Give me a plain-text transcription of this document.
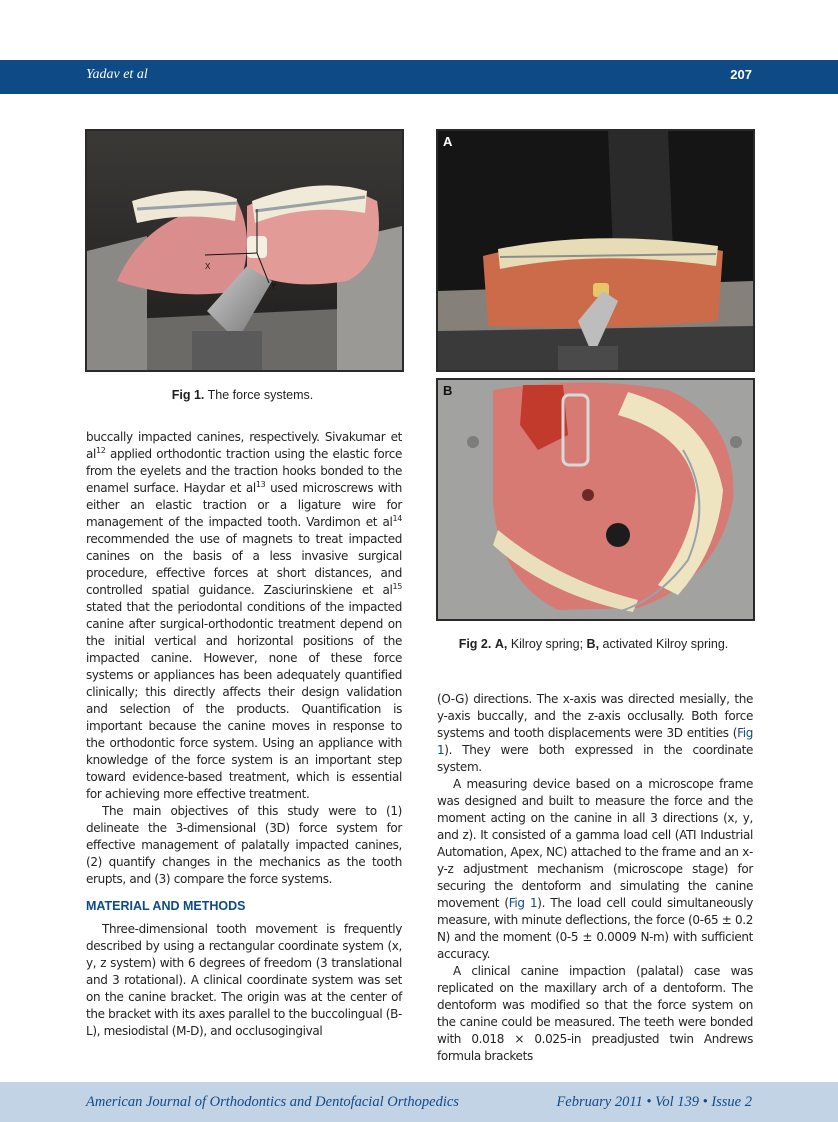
Yadav et al	207
X
Y
Fig 1. The force systems.
A
B
Fig 2. A, Kilroy spring; B, activated Kilroy spring.

buccally impacted canines, respectively. Sivakumar et $al^{12}$ applied orthodontic traction using the elastic force from the eyelets and the traction hooks bonded to the enamel surface. Haydar et $al^{13}$ used microscrews with either an elastic traction or a ligature wire for management of the impacted tooth. Vardimon et $al^{14}$ recommended the use of magnets to treat impacted canines on the basis of a less invasive surgical procedure, effective forces at short distances, and controlled spatial guidance. Zasciurinskiene et $al^{15}$ stated that the periodontal conditions of the impacted canine after surgical-orthodontic treatment depend on the initial vertical and horizontal positions of the impacted canine. However, none of these force systems or appliances has been adequately quantified clinically; this directly affects their design validation and selection of the products. Quantification is important because the canine moves in response to the orthodontic force system. Using an appliance with knowledge of the force system is an important step toward evidence-based treatment, which is essential for achieving more effective treatment.

The main objectives of this study were to (1) delineate the 3-dimensional (3D) force system for effective management of palatally impacted canines, (2) quantify changes in the mechanics as the tooth erupts, and (3) compare the force systems.

MATERIAL AND METHODS

Three-dimensional tooth movement is frequently described by using a rectangular coordinate system (x, y, z system) with 6 degrees of freedom (3 translational and 3 rotational). A clinical coordinate system was set on the canine bracket. The origin was at the center of the bracket with its axes parallel to the buccolingual (B-L), mesiodistal (M-D), and occlusogingival

(O-G) directions. The x-axis was directed mesially, the y-axis buccally, and the z-axis occlusally. Both force systems and tooth displacements were 3D entities (Fig 1). They were both expressed in the coordinate system.

A measuring device based on a microscope frame was designed and built to measure the force and the moment acting on the canine in all 3 directions (x, y, and z). It consisted of a gamma load cell (ATI Industrial Automation, Apex, NC) attached to the frame and an x-y-z adjustment mechanism (microscope stage) for securing the dentoform and simulating the canine movement (Fig 1). The load cell could simultaneously measure, with minute deflections, the force (0-65 ± 0.2 N) and the moment (0-5 ± 0.0009 N-m) with sufficient accuracy.

A clinical canine impaction (palatal) case was replicated on the maxillary arch of a dentoform. The dentoform was modified so that the force system on the canine could be measured. The teeth were bonded with 0.018 × 0.025-in preadjusted twin Andrews formula brackets

American Journal of Orthodontics and Dentofacial Orthopedics	February 2011 • Vol 139 • Issue 2
